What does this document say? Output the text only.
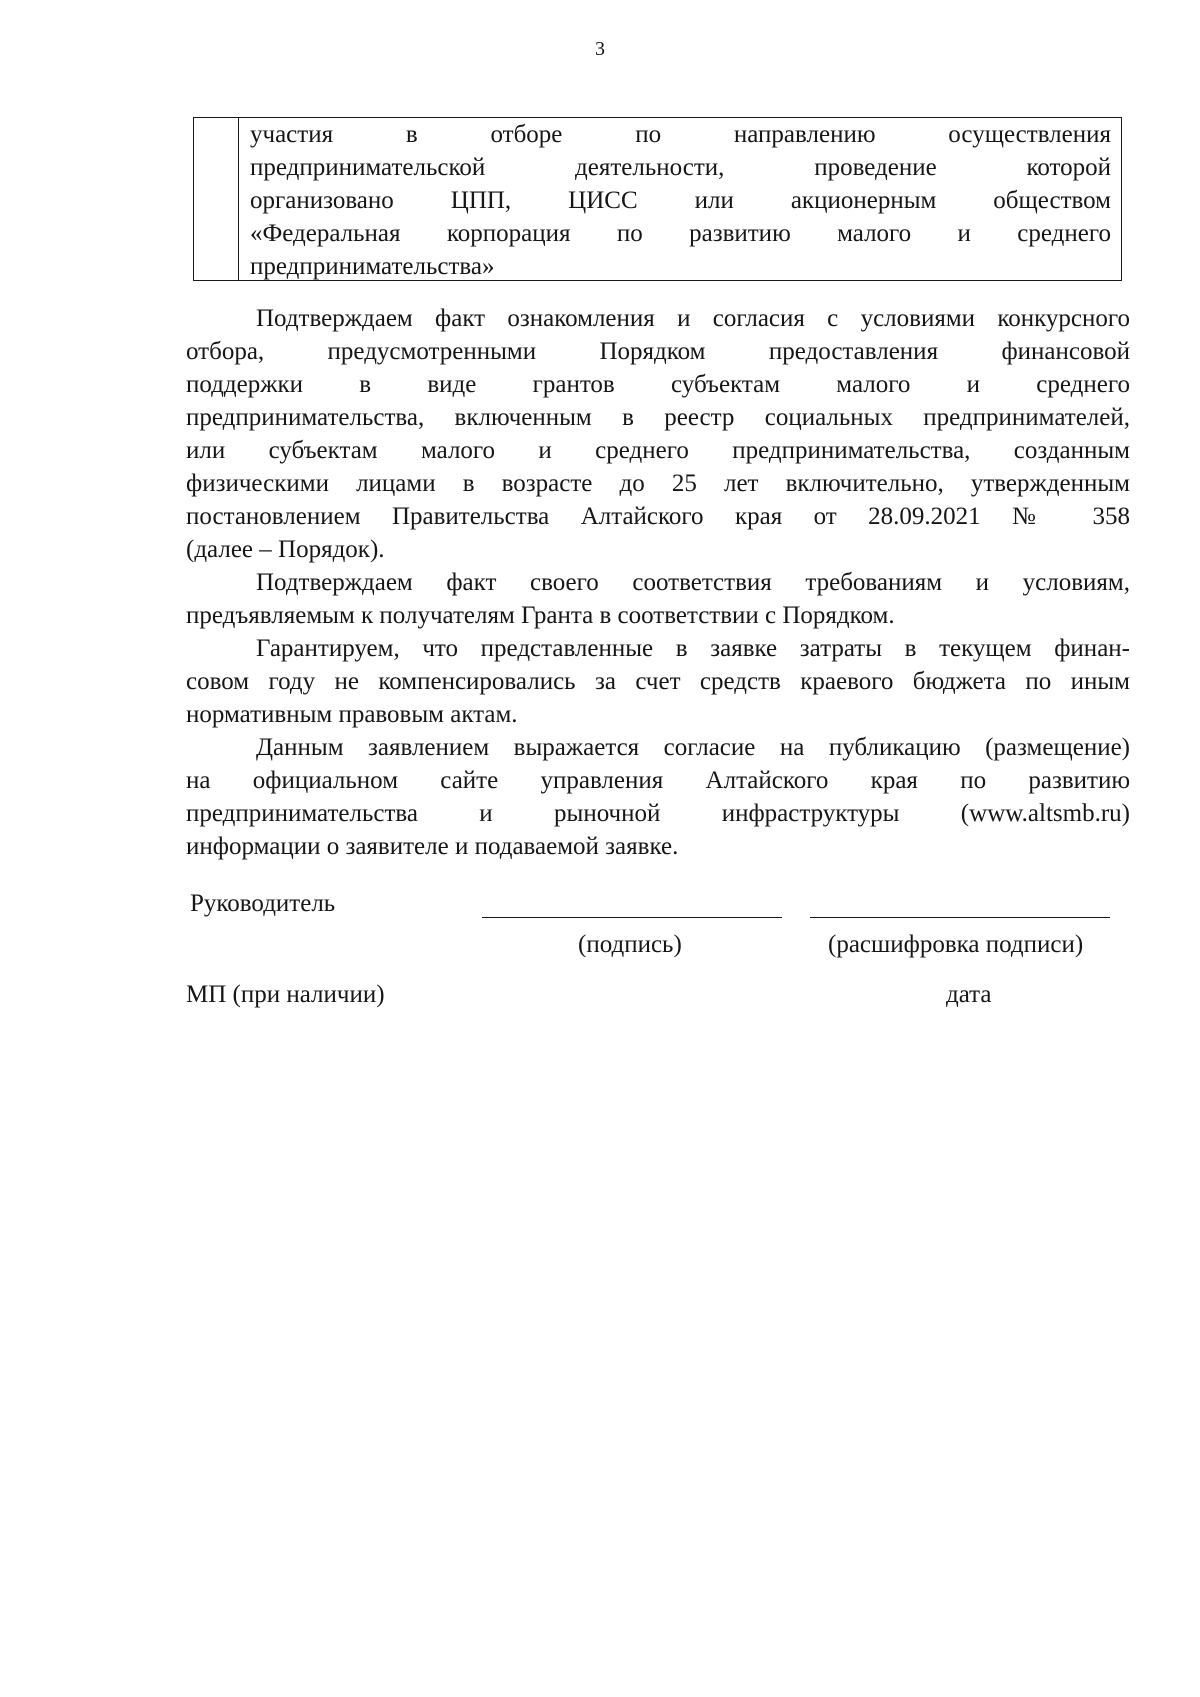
3
участия в отборе по направлению осуществления
предпринимательской деятельности, проведение которой
организовано ЦПП, ЦИСС или акционерным обществом
«Федеральная корпорация по развитию малого и среднего
предпринимательства»
Подтверждаем факт ознакомления и согласия с условиями конкурсного
отбора, предусмотренными Порядком предоставления финансовой
поддержки в виде грантов субъектам малого и среднего
предпринимательства, включенным в реестр социальных предпринимателей,
или субъектам малого и среднего предпринимательства, созданным
физическими лицами в возрасте до 25 лет включительно, утвержденным
постановлением Правительства Алтайского края от 28.09.2021 № 358
(далее – Порядок).
Подтверждаем факт своего соответствия требованиям и условиям,
предъявляемым к получателям Гранта в соответствии с Порядком.
Гарантируем, что представленные в заявке затраты в текущем финан-
совом году не компенсировались за счет средств краевого бюджета по иным
нормативным правовым актам.
Данным заявлением выражается согласие на публикацию (размещение)
на официальном сайте управления Алтайского края по развитию
предпринимательства и рыночной инфраструктуры (www.altsmb.ru)
информации о заявителе и подаваемой заявке.
Руководитель
(подпись)	(расшифровка подписи)
МП (при наличии)	дата
